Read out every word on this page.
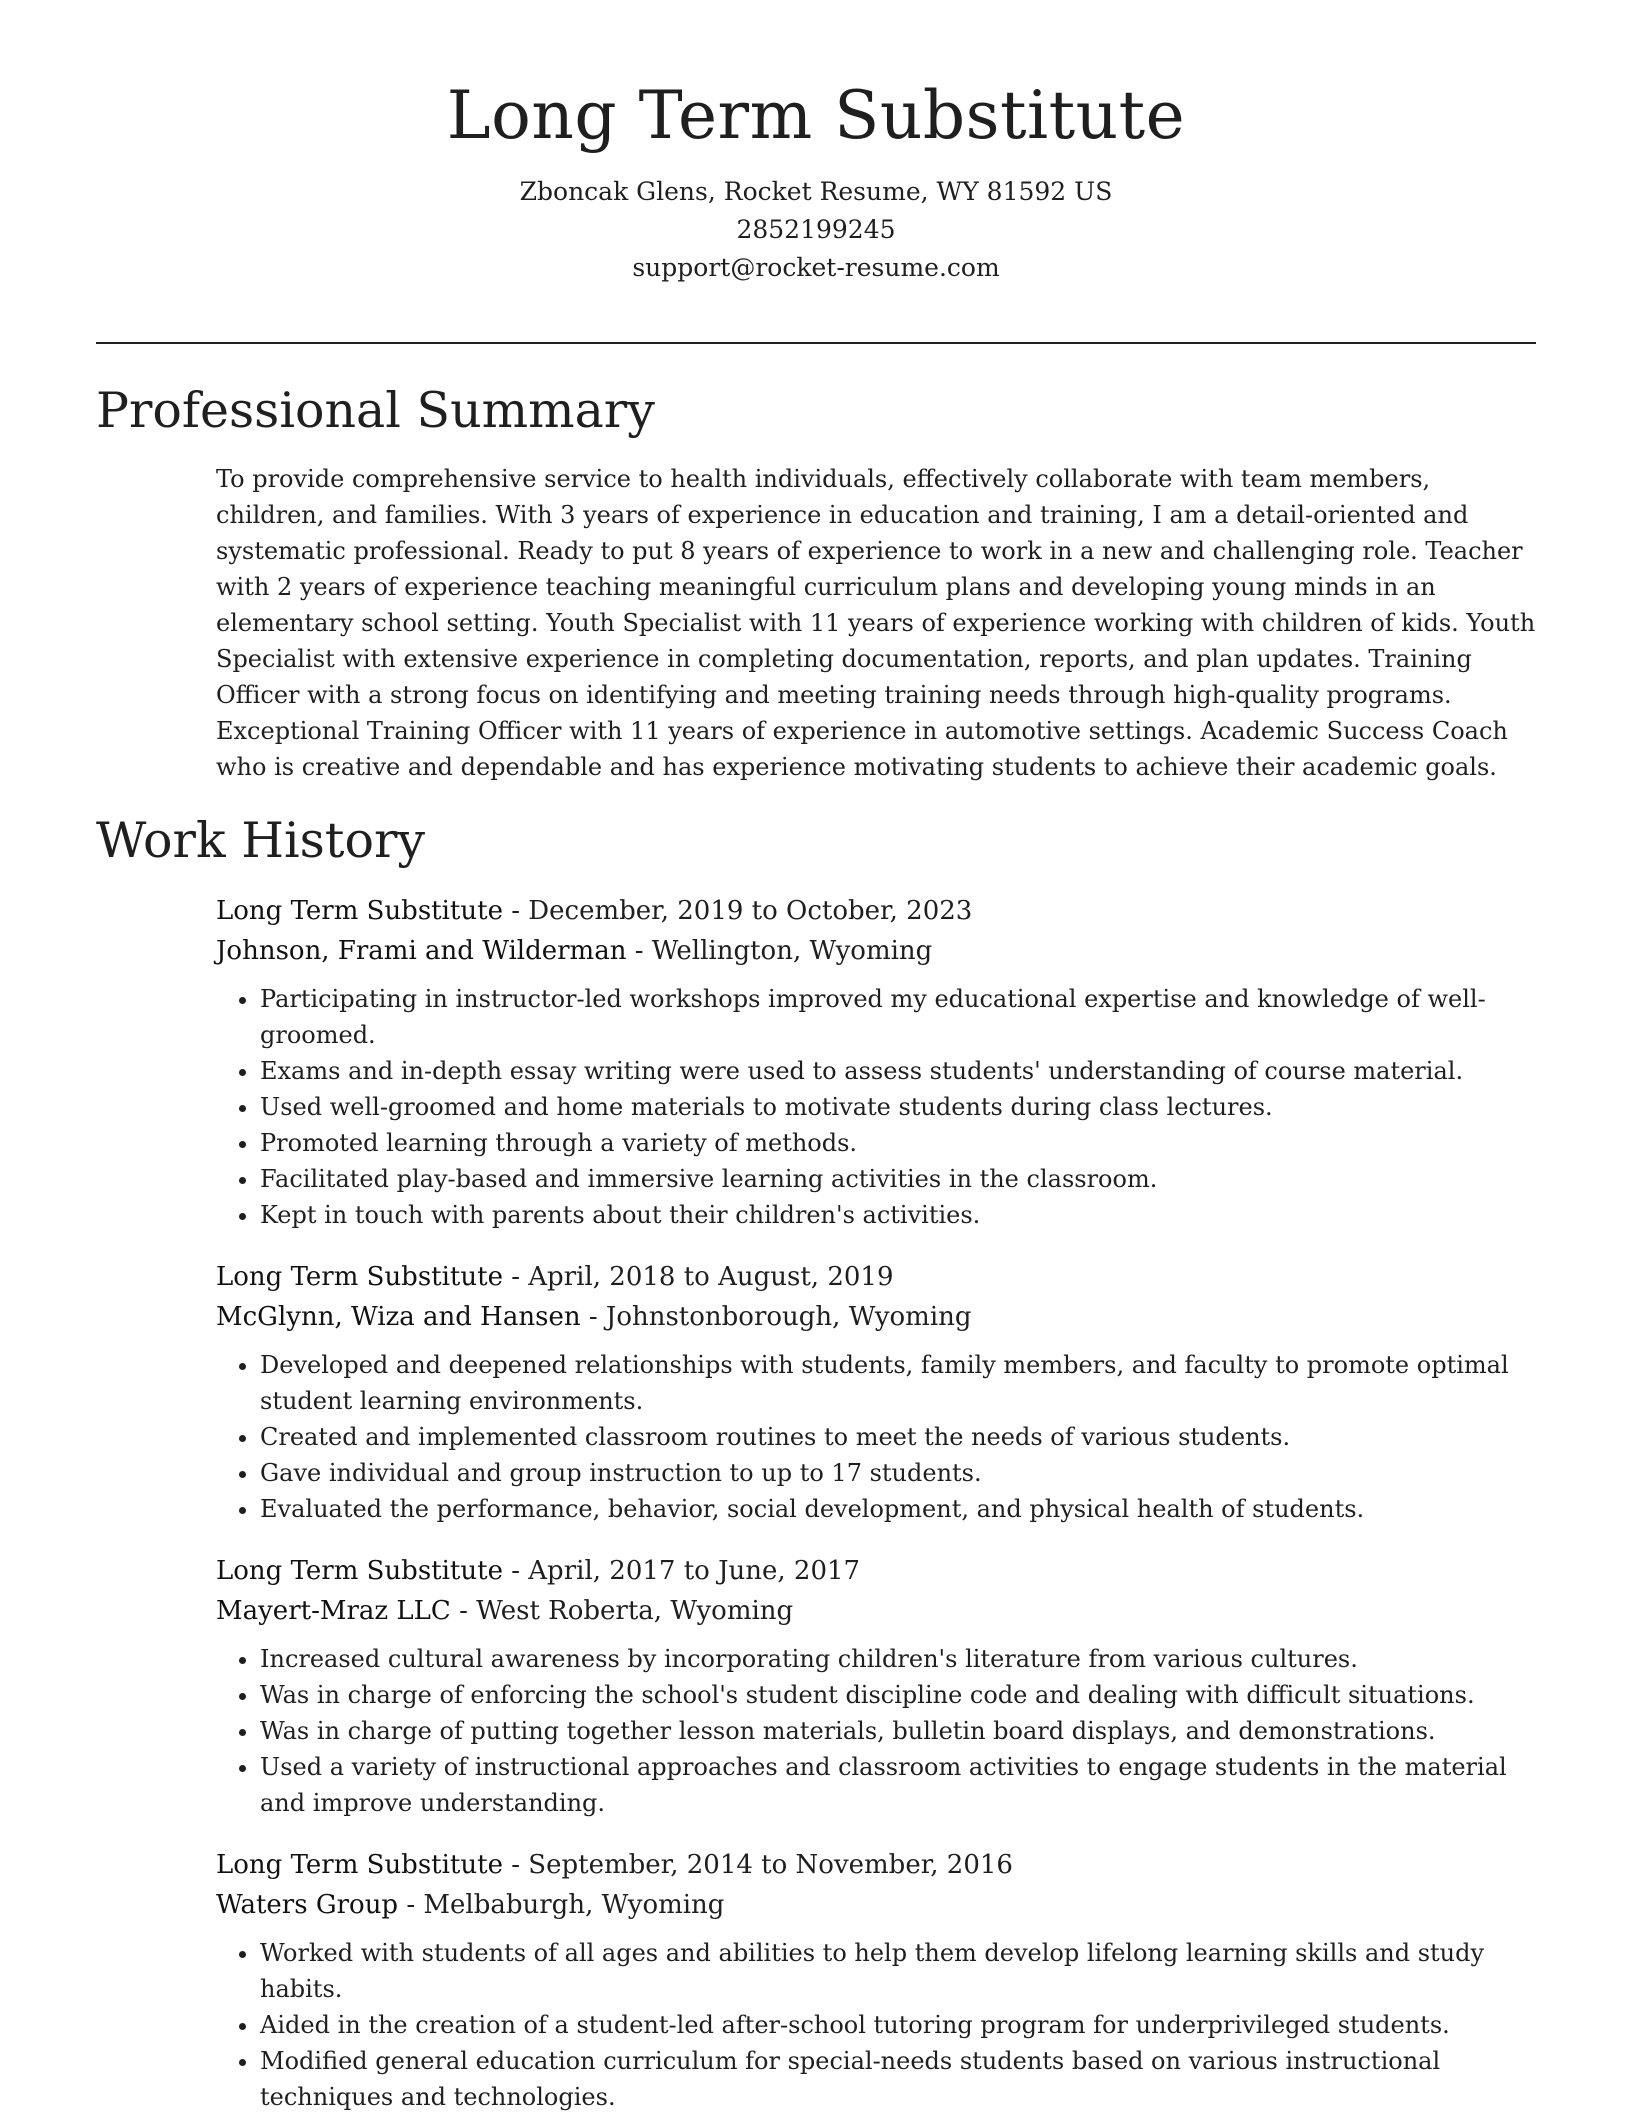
Long Term Substitute
Zboncak Glens, Rocket Resume, WY 81592 US
2852199245
support@rocket-resume.com
Professional Summary

To provide comprehensive service to health individuals, effectively collaborate with team members, children, and families. With 3 years of experience in education and training, I am a detail-oriented and systematic professional. Ready to put 8 years of experience to work in a new and challenging role. Teacher with 2 years of experience teaching meaningful curriculum plans and developing young minds in an elementary school setting. Youth Specialist with 11 years of experience working with children of kids. Youth Specialist with extensive experience in completing documentation, reports, and plan updates. Training Officer with a strong focus on identifying and meeting training needs through high-quality programs. Exceptional Training Officer with 11 years of experience in automotive settings. Academic Success Coach who is creative and dependable and has experience motivating students to achieve their academic goals.

Work History
Long Term Substitute - December, 2019 to October, 2023
Johnson, Frami and Wilderman - Wellington, Wyoming
• Participating in instructor-led workshops improved my educational expertise and knowledge of well-groomed.
• Exams and in-depth essay writing were used to assess students' understanding of course material.
• Used well-groomed and home materials to motivate students during class lectures.
• Promoted learning through a variety of methods.
• Facilitated play-based and immersive learning activities in the classroom.
• Kept in touch with parents about their children's activities.
Long Term Substitute - April, 2018 to August, 2019
McGlynn, Wiza and Hansen - Johnstonborough, Wyoming
• Developed and deepened relationships with students, family members, and faculty to promote optimal student learning environments.
• Created and implemented classroom routines to meet the needs of various students.
• Gave individual and group instruction to up to 17 students.
• Evaluated the performance, behavior, social development, and physical health of students.
Long Term Substitute - April, 2017 to June, 2017
Mayert-Mraz LLC - West Roberta, Wyoming
• Increased cultural awareness by incorporating children's literature from various cultures.
• Was in charge of enforcing the school's student discipline code and dealing with difficult situations.
• Was in charge of putting together lesson materials, bulletin board displays, and demonstrations.
• Used a variety of instructional approaches and classroom activities to engage students in the material and improve understanding.
Long Term Substitute - September, 2014 to November, 2016
Waters Group - Melbaburgh, Wyoming
• Worked with students of all ages and abilities to help them develop lifelong learning skills and study habits.
• Aided in the creation of a student-led after-school tutoring program for underprivileged students.
• Modified general education curriculum for special-needs students based on various instructional techniques and technologies.
